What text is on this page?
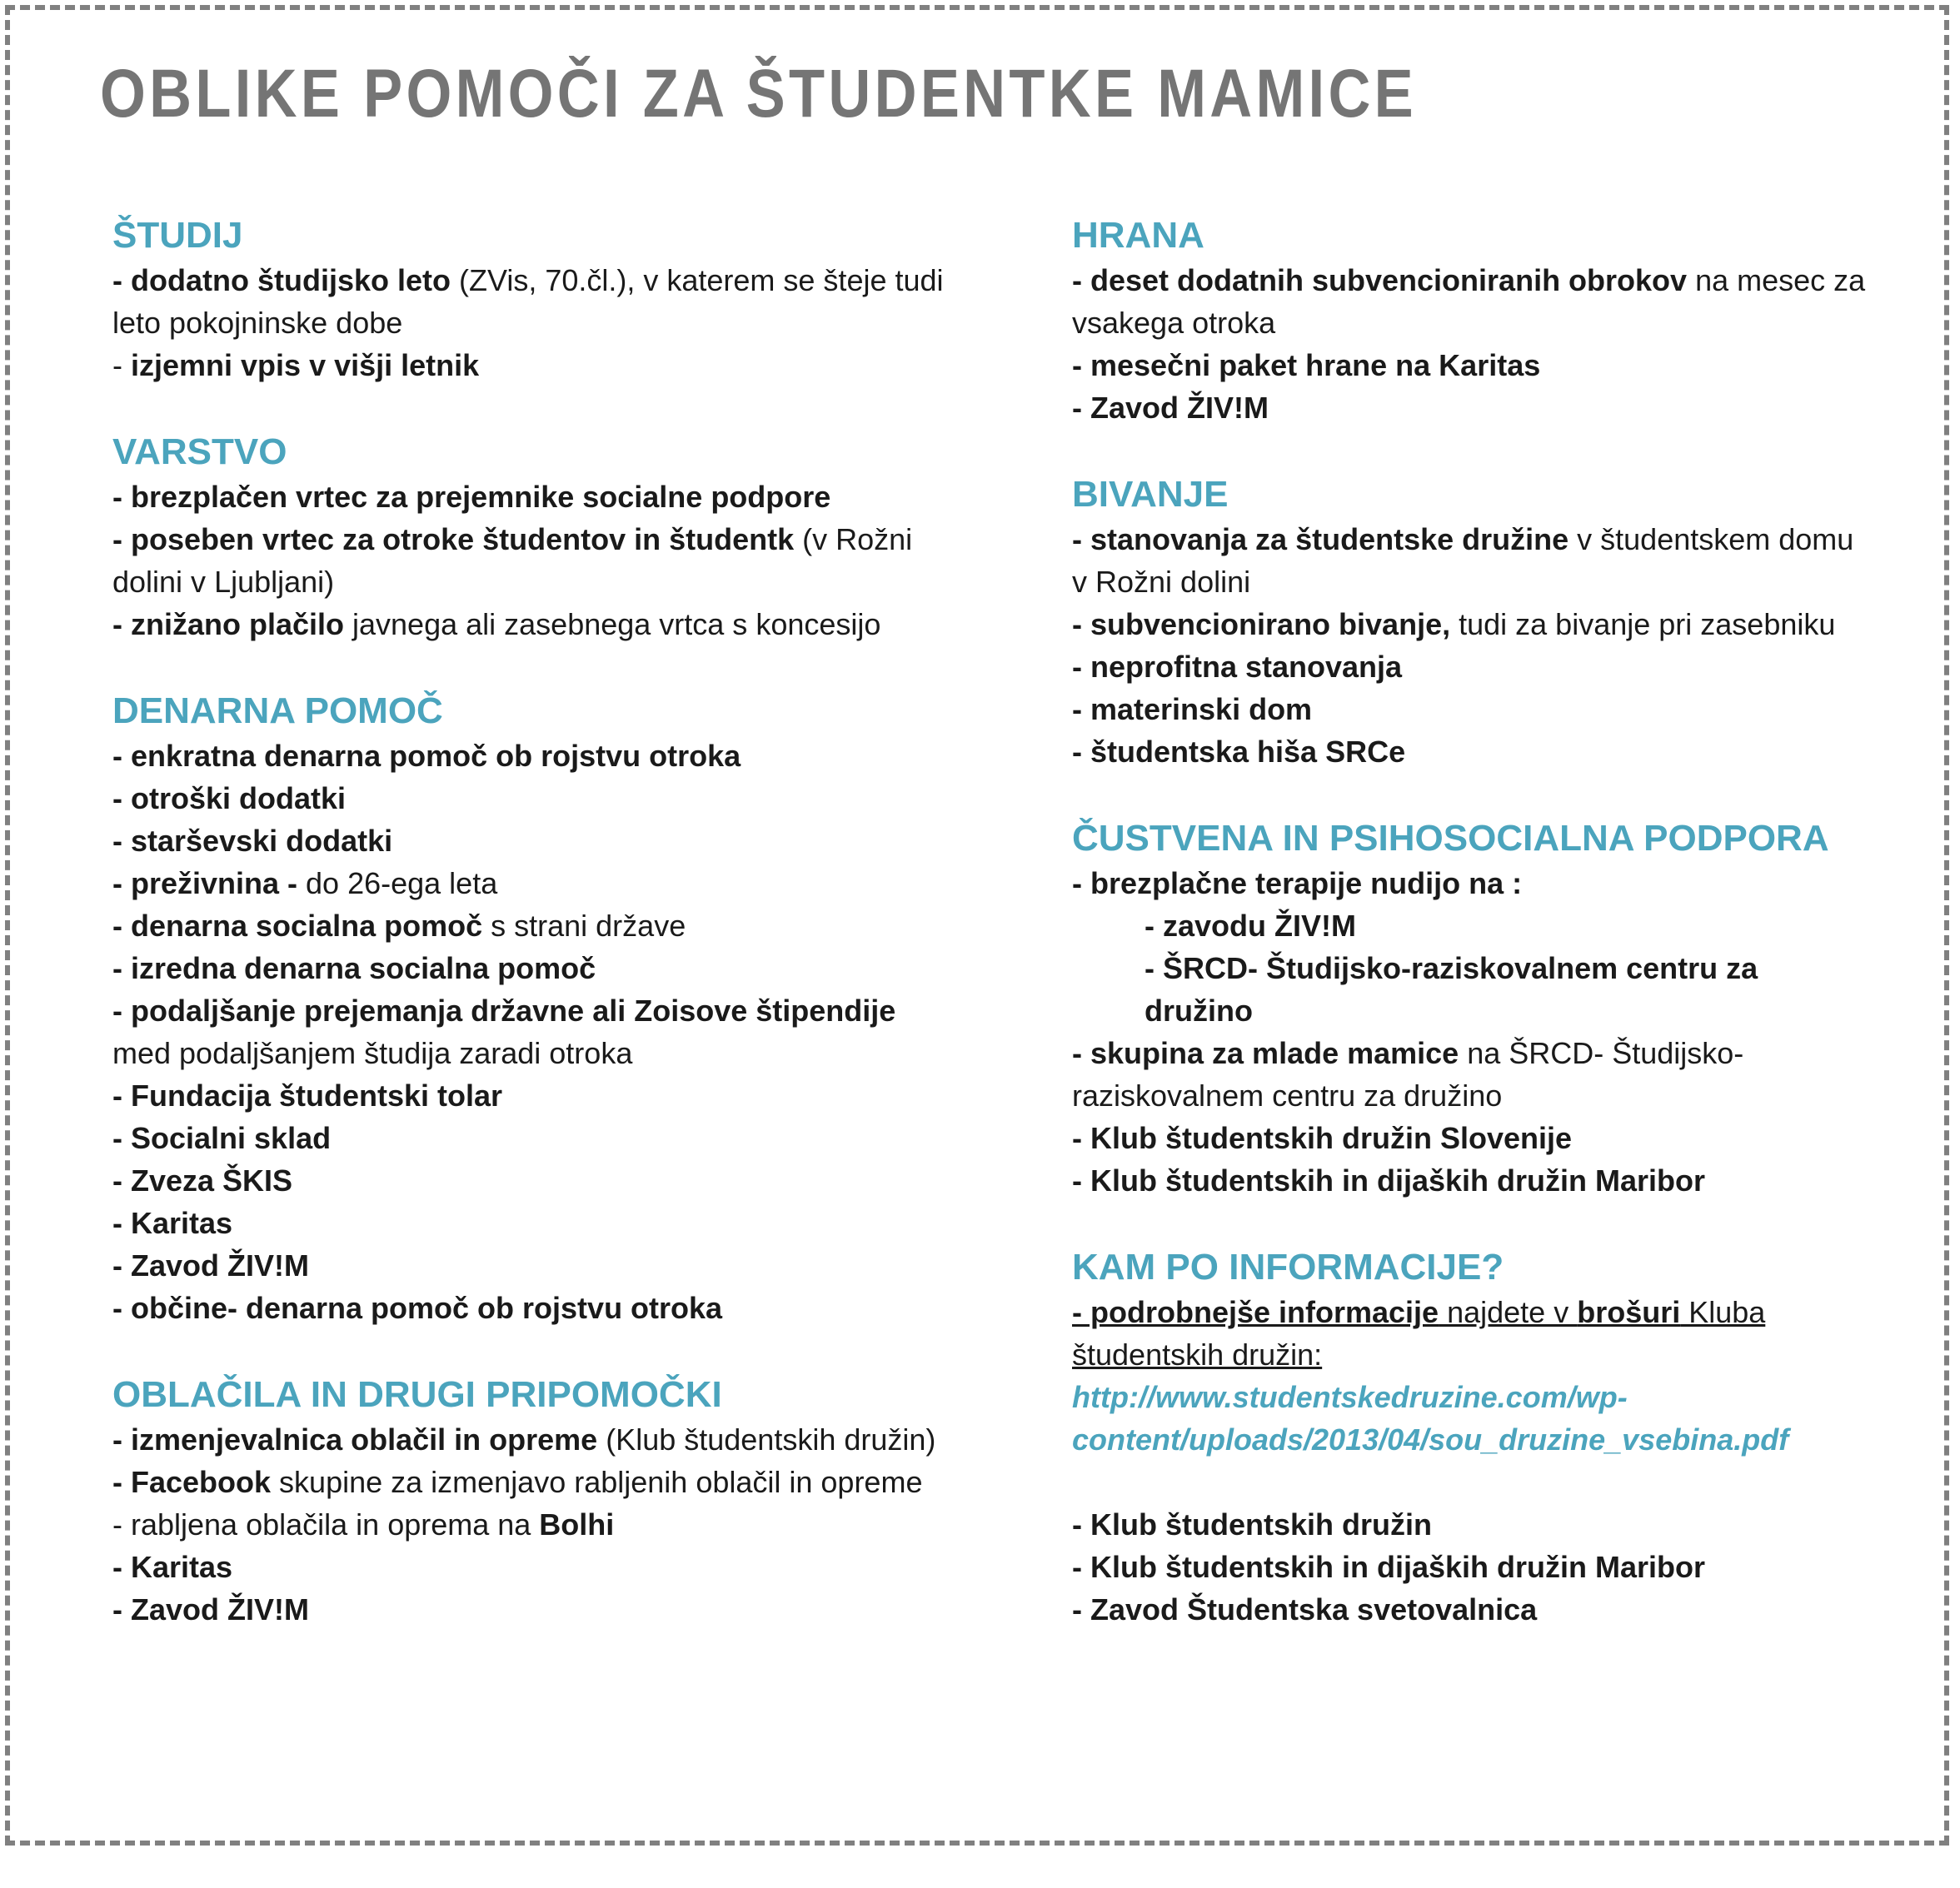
OBLIKE POMOČI ZA ŠTUDENTKE MAMICE
ŠTUDIJ

- dodatno študijsko leto (ZVis, 70.čl.), v katerem se šteje tudi leto pokojninske dobe

- izjemni vpis v višji letnik

VARSTVO

- brezplačen vrtec za prejemnike socialne podpore

- poseben vrtec za otroke študentov in študentk (v Rožni dolini v Ljubljani)

- znižano plačilo javnega ali zasebnega vrtca s koncesijo

DENARNA POMOČ

- enkratna denarna pomoč ob rojstvu otroka

- otroški dodatki

- starševski dodatki

- preživnina - do 26-ega leta

- denarna socialna pomoč s strani države

- izredna denarna socialna pomoč

- podaljšanje prejemanja državne ali Zoisove štipendije med podaljšanjem študija zaradi otroka

- Fundacija študentski tolar

- Socialni sklad

- Zveza ŠKIS

- Karitas

- Zavod ŽIV!M

- občine- denarna pomoč ob rojstvu otroka

OBLAČILA IN DRUGI PRIPOMOČKI

- izmenjevalnica oblačil in opreme (Klub študentskih družin)

- Facebook skupine za izmenjavo rabljenih oblačil in opreme

- rabljena oblačila in oprema na Bolhi

- Karitas

- Zavod ŽIV!M

HRANA

- deset dodatnih subvencioniranih obrokov na mesec za vsakega otroka

- mesečni paket hrane na Karitas

- Zavod ŽIV!M

BIVANJE

- stanovanja za študentske družine v študentskem domu v Rožni dolini

- subvencionirano bivanje, tudi za bivanje pri zasebniku

- neprofitna stanovanja

- materinski dom

- študentska hiša SRCe

ČUSTVENA IN PSIHOSOCIALNA PODPORA

- brezplačne terapije nudijo na :

- zavodu ŽIV!M

- ŠRCD- Študijsko-raziskovalnem centru za družino

- skupina za mlade mamice na ŠRCD- Študijsko-raziskovalnem centru za družino

- Klub študentskih družin Slovenije

- Klub študentskih in dijaških družin Maribor

KAM PO INFORMACIJE?

- podrobnejše informacije najdete v brošuri Kluba študentskih družin:

http://www.studentskedruzine.com/wp-content/uploads/2013/04/sou_druzine_vsebina.pdf

- Klub študentskih družin

- Klub študentskih in dijaških družin Maribor

- Zavod Študentska svetovalnica
